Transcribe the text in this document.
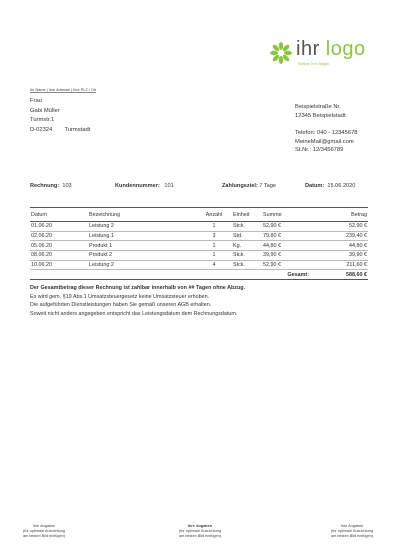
ihr logo
Schöne Text Slogan
Ihr Name | Ihre Adresse | Ihre PLZ / Ort
Frau
Gabi Müller
Turmstr.1
D-02324 Turmstadt
Beispielstraße Nr.
12345 Beispielstadt
Telefon: 040 - 12345678
MeineMail@gmail.com
St.Nr.: 12/3456789
Rechnung: 103	Kundennummer: 101	Zahlungsziel: 7 Tage	Datum: 15.06.2020
Datum	Bezeichnung	Anzahl	Einheit	Summe	Betrag
01.06.20	Leistung 2	1	Stck.	52,90 €	52,90 €
02.06.20	Leistung 1	3	Std.	79,80 €	239,40 €
05.06.20	Produkt 1	1	Kg.	44,80 €	44,80 €
08.06.20	Produkt 2	1	Stck.	39,90 €	39,90 €
10.06.20	Leistung 2	4	Stck.	52,90 €	211,60 €
Gesamt:					588,60 €
Der Gesamtbetrag dieser Rechnung ist zahlbar innerhalb von ## Tagen ohne Abzug.
Es wird gem. §19 Abs.1 Umsatzsteuergesetz keine Umsatzsteuer erhoben.
Die aufgeführten Dienstleistungen haben Sie gemäß unseren AGB erhalten.
Soweit nicht anders angegeben entspricht das Leistungsdatum dem Rechnungsdatum.
Ihre Angaben
(für optimale Ausrichtung
am besten Bild einfügen)
Ihre Angaben
(für optimale Ausrichtung
am besten Bild einfügen)
Ihre Angaben
(für optimale Ausrichtung
am besten Bild einfügen)
